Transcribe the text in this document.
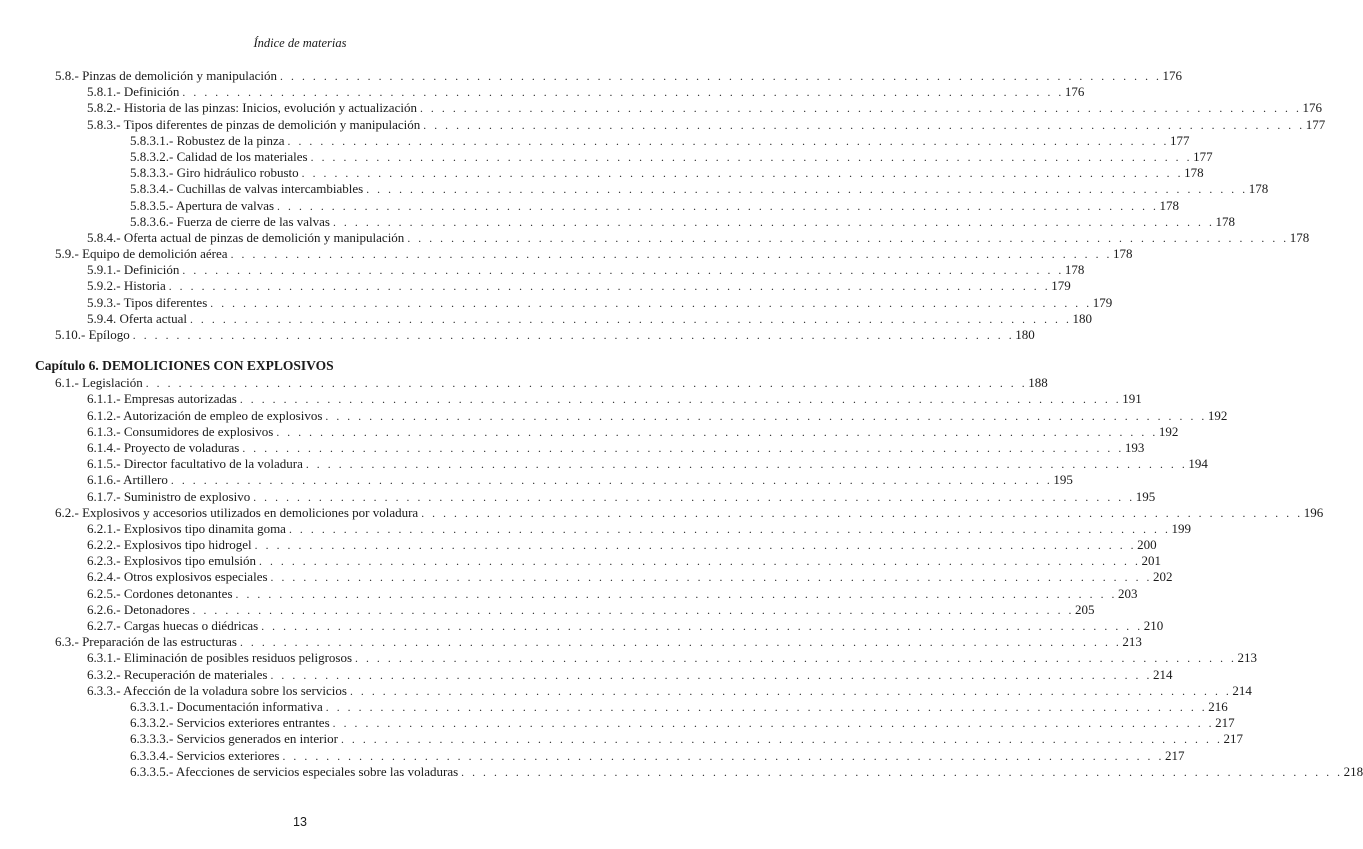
Índice de materias
5.8.- Pinzas de demolición y manipulación . . . . . . . . . . . . . . . . . . . . . . . . . . . . . . . . . . . . . . . . . . . . . . . . . . . . . . . . . . . . . . . . . . . . . . . . . . . . . . . . . 176
5.8.1.- Definición . . . . . . . . . . . . . . . . . . . . . . . . . . . . . . . . . . . . . . . . . . . . . . . . . . . . . . . . . . . . . . . . . . . . . . . . . . . . . . . . . 176
5.8.2.- Historia de las pinzas: Inicios, evolución y actualización . . . . . . . . . . . . . . . . . . . . . . . . . . . . . . . . . . . . . . . . . . . . . . . . . . . . . . . . . . . . . . . . . . . . . . . . . . . . . . . . . 176
5.8.3.- Tipos diferentes de pinzas de demolición y manipulación . . . . . . . . . . . . . . . . . . . . . . . . . . . . . . . . . . . . . . . . . . . . . . . . . . . . . . . . . . . . . . . . . . . . . . . . . . . . . . . . . 177
5.8.3.1.- Robustez de la pinza . . . . . . . . . . . . . . . . . . . . . . . . . . . . . . . . . . . . . . . . . . . . . . . . . . . . . . . . . . . . . . . . . . . . . . . . . . . . . . . . . 177
5.8.3.2.- Calidad de los materiales . . . . . . . . . . . . . . . . . . . . . . . . . . . . . . . . . . . . . . . . . . . . . . . . . . . . . . . . . . . . . . . . . . . . . . . . . . . . . . . . . 177
5.8.3.3.- Giro hidráulico robusto . . . . . . . . . . . . . . . . . . . . . . . . . . . . . . . . . . . . . . . . . . . . . . . . . . . . . . . . . . . . . . . . . . . . . . . . . . . . . . . . . 178
5.8.3.4.- Cuchillas de valvas intercambiables . . . . . . . . . . . . . . . . . . . . . . . . . . . . . . . . . . . . . . . . . . . . . . . . . . . . . . . . . . . . . . . . . . . . . . . . . . . . . . . . . 178
5.8.3.5.- Apertura de valvas . . . . . . . . . . . . . . . . . . . . . . . . . . . . . . . . . . . . . . . . . . . . . . . . . . . . . . . . . . . . . . . . . . . . . . . . . . . . . . . . . 178
5.8.3.6.- Fuerza de cierre de las valvas . . . . . . . . . . . . . . . . . . . . . . . . . . . . . . . . . . . . . . . . . . . . . . . . . . . . . . . . . . . . . . . . . . . . . . . . . . . . . . . . . 178
5.8.4.- Oferta actual de pinzas de demolición y manipulación . . . . . . . . . . . . . . . . . . . . . . . . . . . . . . . . . . . . . . . . . . . . . . . . . . . . . . . . . . . . . . . . . . . . . . . . . . . . . . . . . 178
5.9.- Equipo de demolición aérea . . . . . . . . . . . . . . . . . . . . . . . . . . . . . . . . . . . . . . . . . . . . . . . . . . . . . . . . . . . . . . . . . . . . . . . . . . . . . . . . . 178
5.9.1.- Definición . . . . . . . . . . . . . . . . . . . . . . . . . . . . . . . . . . . . . . . . . . . . . . . . . . . . . . . . . . . . . . . . . . . . . . . . . . . . . . . . . 178
5.9.2.- Historia . . . . . . . . . . . . . . . . . . . . . . . . . . . . . . . . . . . . . . . . . . . . . . . . . . . . . . . . . . . . . . . . . . . . . . . . . . . . . . . . . 179
5.9.3.- Tipos diferentes . . . . . . . . . . . . . . . . . . . . . . . . . . . . . . . . . . . . . . . . . . . . . . . . . . . . . . . . . . . . . . . . . . . . . . . . . . . . . . . . . 179
5.9.4. Oferta actual . . . . . . . . . . . . . . . . . . . . . . . . . . . . . . . . . . . . . . . . . . . . . . . . . . . . . . . . . . . . . . . . . . . . . . . . . . . . . . . . . 180
5.10.- Epílogo . . . . . . . . . . . . . . . . . . . . . . . . . . . . . . . . . . . . . . . . . . . . . . . . . . . . . . . . . . . . . . . . . . . . . . . . . . . . . . . . . 180
Capítulo 6. DEMOLICIONES CON EXPLOSIVOS
6.1.- Legislación . . . . . . . . . . . . . . . . . . . . . . . . . . . . . . . . . . . . . . . . . . . . . . . . . . . . . . . . . . . . . . . . . . . . . . . . . . . . . . . . . 188
6.1.1.- Empresas autorizadas . . . . . . . . . . . . . . . . . . . . . . . . . . . . . . . . . . . . . . . . . . . . . . . . . . . . . . . . . . . . . . . . . . . . . . . . . . . . . . . . . 191
6.1.2.- Autorización de empleo de explosivos . . . . . . . . . . . . . . . . . . . . . . . . . . . . . . . . . . . . . . . . . . . . . . . . . . . . . . . . . . . . . . . . . . . . . . . . . . . . . . . . . 192
6.1.3.- Consumidores de explosivos . . . . . . . . . . . . . . . . . . . . . . . . . . . . . . . . . . . . . . . . . . . . . . . . . . . . . . . . . . . . . . . . . . . . . . . . . . . . . . . . . 192
6.1.4.- Proyecto de voladuras . . . . . . . . . . . . . . . . . . . . . . . . . . . . . . . . . . . . . . . . . . . . . . . . . . . . . . . . . . . . . . . . . . . . . . . . . . . . . . . . . 193
6.1.5.- Director facultativo de la voladura . . . . . . . . . . . . . . . . . . . . . . . . . . . . . . . . . . . . . . . . . . . . . . . . . . . . . . . . . . . . . . . . . . . . . . . . . . . . . . . . . 194
6.1.6.- Artillero . . . . . . . . . . . . . . . . . . . . . . . . . . . . . . . . . . . . . . . . . . . . . . . . . . . . . . . . . . . . . . . . . . . . . . . . . . . . . . . . . 195
6.1.7.- Suministro de explosivo . . . . . . . . . . . . . . . . . . . . . . . . . . . . . . . . . . . . . . . . . . . . . . . . . . . . . . . . . . . . . . . . . . . . . . . . . . . . . . . . . 195
6.2.- Explosivos y accesorios utilizados en demoliciones por voladura . . . . . . . . . . . . . . . . . . . . . . . . . . . . . . . . . . . . . . . . . . . . . . . . . . . . . . . . . . . . . . . . . . . . . . . . . . . . . . . . . 196
6.2.1.- Explosivos tipo dinamita goma . . . . . . . . . . . . . . . . . . . . . . . . . . . . . . . . . . . . . . . . . . . . . . . . . . . . . . . . . . . . . . . . . . . . . . . . . . . . . . . . . 199
6.2.2.- Explosivos tipo hidrogel . . . . . . . . . . . . . . . . . . . . . . . . . . . . . . . . . . . . . . . . . . . . . . . . . . . . . . . . . . . . . . . . . . . . . . . . . . . . . . . . . 200
6.2.3.- Explosivos tipo emulsión . . . . . . . . . . . . . . . . . . . . . . . . . . . . . . . . . . . . . . . . . . . . . . . . . . . . . . . . . . . . . . . . . . . . . . . . . . . . . . . . . 201
6.2.4.- Otros explosivos especiales . . . . . . . . . . . . . . . . . . . . . . . . . . . . . . . . . . . . . . . . . . . . . . . . . . . . . . . . . . . . . . . . . . . . . . . . . . . . . . . . . 202
6.2.5.- Cordones detonantes . . . . . . . . . . . . . . . . . . . . . . . . . . . . . . . . . . . . . . . . . . . . . . . . . . . . . . . . . . . . . . . . . . . . . . . . . . . . . . . . . 203
6.2.6.- Detonadores . . . . . . . . . . . . . . . . . . . . . . . . . . . . . . . . . . . . . . . . . . . . . . . . . . . . . . . . . . . . . . . . . . . . . . . . . . . . . . . . . 205
6.2.7.- Cargas huecas o diédricas . . . . . . . . . . . . . . . . . . . . . . . . . . . . . . . . . . . . . . . . . . . . . . . . . . . . . . . . . . . . . . . . . . . . . . . . . . . . . . . . . 210
6.3.- Preparación de las estructuras . . . . . . . . . . . . . . . . . . . . . . . . . . . . . . . . . . . . . . . . . . . . . . . . . . . . . . . . . . . . . . . . . . . . . . . . . . . . . . . . . 213
6.3.1.- Eliminación de posibles residuos peligrosos . . . . . . . . . . . . . . . . . . . . . . . . . . . . . . . . . . . . . . . . . . . . . . . . . . . . . . . . . . . . . . . . . . . . . . . . . . . . . . . . . 213
6.3.2.- Recuperación de materiales . . . . . . . . . . . . . . . . . . . . . . . . . . . . . . . . . . . . . . . . . . . . . . . . . . . . . . . . . . . . . . . . . . . . . . . . . . . . . . . . . 214
6.3.3.- Afección de la voladura sobre los servicios . . . . . . . . . . . . . . . . . . . . . . . . . . . . . . . . . . . . . . . . . . . . . . . . . . . . . . . . . . . . . . . . . . . . . . . . . . . . . . . . . 214
6.3.3.1.- Documentación informativa . . . . . . . . . . . . . . . . . . . . . . . . . . . . . . . . . . . . . . . . . . . . . . . . . . . . . . . . . . . . . . . . . . . . . . . . . . . . . . . . . 216
6.3.3.2.- Servicios exteriores entrantes . . . . . . . . . . . . . . . . . . . . . . . . . . . . . . . . . . . . . . . . . . . . . . . . . . . . . . . . . . . . . . . . . . . . . . . . . . . . . . . . . 217
6.3.3.3.- Servicios generados en interior . . . . . . . . . . . . . . . . . . . . . . . . . . . . . . . . . . . . . . . . . . . . . . . . . . . . . . . . . . . . . . . . . . . . . . . . . . . . . . . . . 217
6.3.3.4.- Servicios exteriores . . . . . . . . . . . . . . . . . . . . . . . . . . . . . . . . . . . . . . . . . . . . . . . . . . . . . . . . . . . . . . . . . . . . . . . . . . . . . . . . . 217
6.3.3.5.- Afecciones de servicios especiales sobre las voladuras . . . . . . . . . . . . . . . . . . . . . . . . . . . . . . . . . . . . . . . . . . . . . . . . . . . . . . . . . . . . . . . . . . . . . . . . . . . . . . . . . 218
13
